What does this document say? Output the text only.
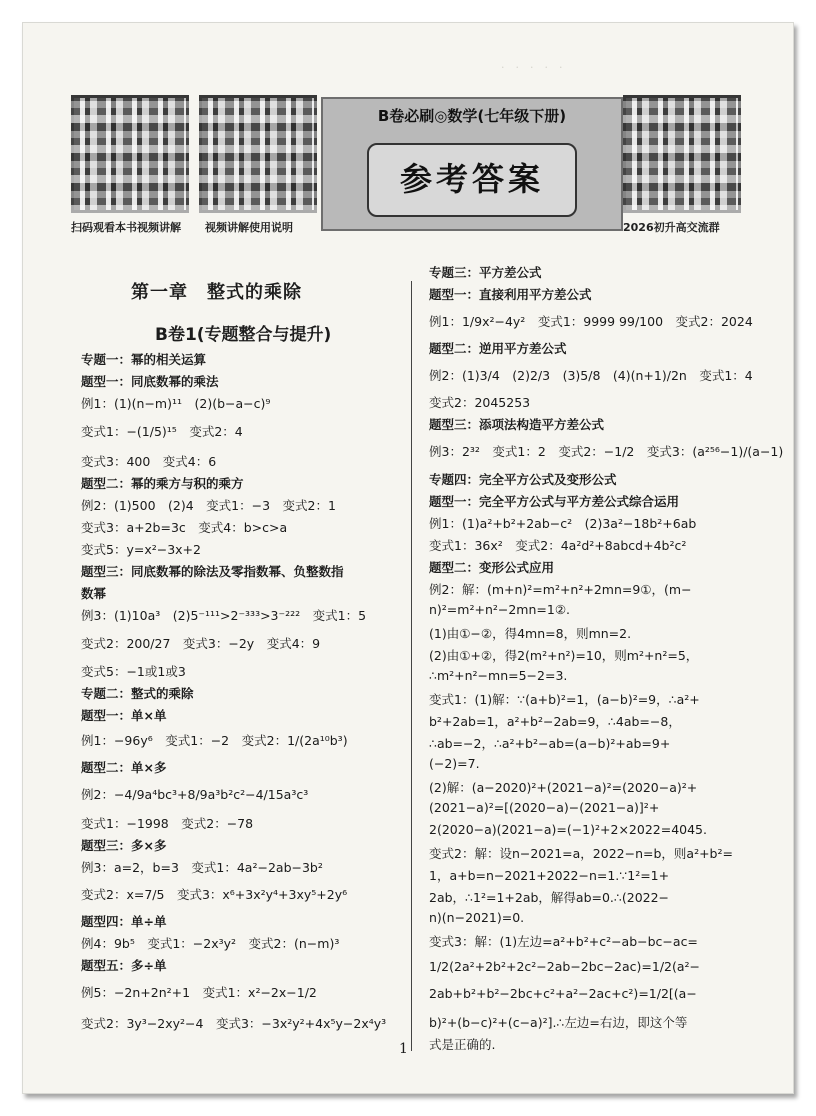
·　·　·　·　·
扫码观看本书视频讲解 视频讲解使用说明	2026初升高交流群
B卷必刷◎数学(七年级下册)
参考答案
第一章　整式的乘除
B卷1(专题整合与提升)
专题一：幂的相关运算
题型一：同底数幂的乘法
例1：(1)(n−m)¹¹　(2)(b−a−c)⁹
变式1：−(1/5)¹⁵　变式2：4
变式3：400　变式4：6
题型二：幂的乘方与积的乘方
例2：(1)500　(2)4　变式1：−3　变式2：1
变式3：a+2b=3c　变式4：b>c>a
变式5：y=x²−3x+2
题型三：同底数幂的除法及零指数幂、负整数指
数幂
例3：(1)10a³　(2)5⁻¹¹¹>2⁻³³³>3⁻²²²　变式1：5
变式2：200/27　变式3：−2y　变式4：9
变式5：−1或1或3
专题二：整式的乘除
题型一：单×单
例1：−96y⁶　变式1：−2　变式2：1/(2a¹⁰b³)
题型二：单×多
例2：−4/9a⁴bc³+8/9a³b²c²−4/15a³c³
变式1：−1998　变式2：−78
题型三：多×多
例3：a=2，b=3　变式1：4a²−2ab−3b²
变式2：x=7/5　变式3：x⁶+3x²y⁴+3xy⁵+2y⁶
题型四：单÷单
例4：9b⁵　变式1：−2x³y²　变式2：(n−m)³
题型五：多÷单
例5：−2n+2n²+1　变式1：x²−2x−1/2
变式2：3y³−2xy²−4　变式3：−3x²y²+4x⁵y−2x⁴y³
专题三：平方差公式
题型一：直接利用平方差公式
例1：1/9x²−4y²　变式1：9999 99/100　变式2：2024
题型二：逆用平方差公式
例2：(1)3/4　(2)2/3　(3)5/8　(4)(n+1)/2n　变式1：4
变式2：2045253
题型三：添项法构造平方差公式
例3：2³²　变式1：2　变式2：−1/2　变式3：(a²⁵⁶−1)/(a−1)
专题四：完全平方公式及变形公式
题型一：完全平方公式与平方差公式综合运用
例1：(1)a²+b²+2ab−c²　(2)3a²−18b²+6ab
变式1：36x²　变式2：4a²d²+8abcd+4b²c²
题型二：变形公式应用
例2：解：(m+n)²=m²+n²+2mn=9①，(m−
n)²=m²+n²−2mn=1②.
(1)由①−②，得4mn=8，则mn=2.
(2)由①+②，得2(m²+n²)=10，则m²+n²=5，
∴m²+n²−mn=5−2=3.
变式1：(1)解：∵(a+b)²=1，(a−b)²=9，∴a²+
b²+2ab=1，a²+b²−2ab=9，∴4ab=−8，
∴ab=−2，∴a²+b²−ab=(a−b)²+ab=9+
(−2)=7.
(2)解：(a−2020)²+(2021−a)²=(2020−a)²+
(2021−a)²=[(2020−a)−(2021−a)]²+
2(2020−a)(2021−a)=(−1)²+2×2022=4045.
变式2：解：设n−2021=a，2022−n=b，则a²+b²=
1，a+b=n−2021+2022−n=1.∵1²=1+
2ab，∴1²=1+2ab，解得ab=0.∴(2022−
n)(n−2021)=0.
变式3：解：(1)左边=a²+b²+c²−ab−bc−ac=
1/2(2a²+2b²+2c²−2ab−2bc−2ac)=1/2(a²−
2ab+b²+b²−2bc+c²+a²−2ac+c²)=1/2[(a−
b)²+(b−c)²+(c−a)²].∴左边=右边，即这个等
式是正确的.
1
